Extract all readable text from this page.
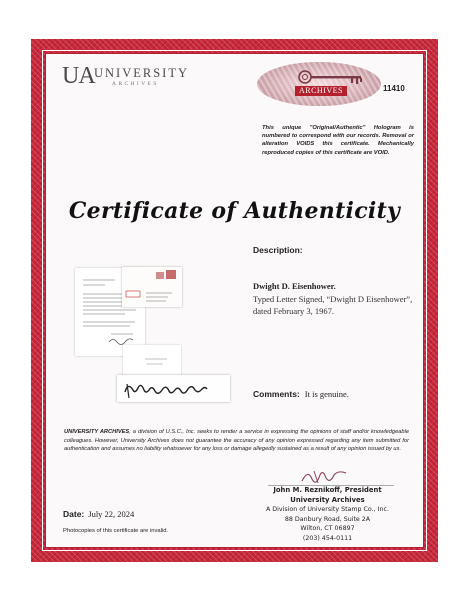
UA UNIVERSITY
ARCHIVES
ARCHIVES	11410
This unique "Original/Authentic" Hologram is numbered to correspond with our records. Removal or alteration VOIDS this certificate. Mechanically reproduced copies of this certificate are VOID.
Certificate of Authenticity
Description:
Dwight D. Eisenhower.
Typed Letter Signed, “Dwight D Eisenhower”, dated February 3, 1967.
Comments: It is genuine.
UNIVERSITY ARCHIVES, a division of U.S.C., Inc. seeks to render a service in expressing the opinions of staff and/or knowledgeable colleagues. However, University Archives does not guarantee the accuracy of any opinion expressed regarding any item submitted for authentication and assumes no liability whatsoever for any loss or damage allegedly sustained as a result of any opinion issued by us.
John M. Reznikoff, President
University Archives
A Division of University Stamp Co., Inc.
88 Danbury Road, Suite 2A
Wilton, CT 06897
(203) 454-0111
Date: July 22, 2024
Photocopies of this certificate are invalid.
